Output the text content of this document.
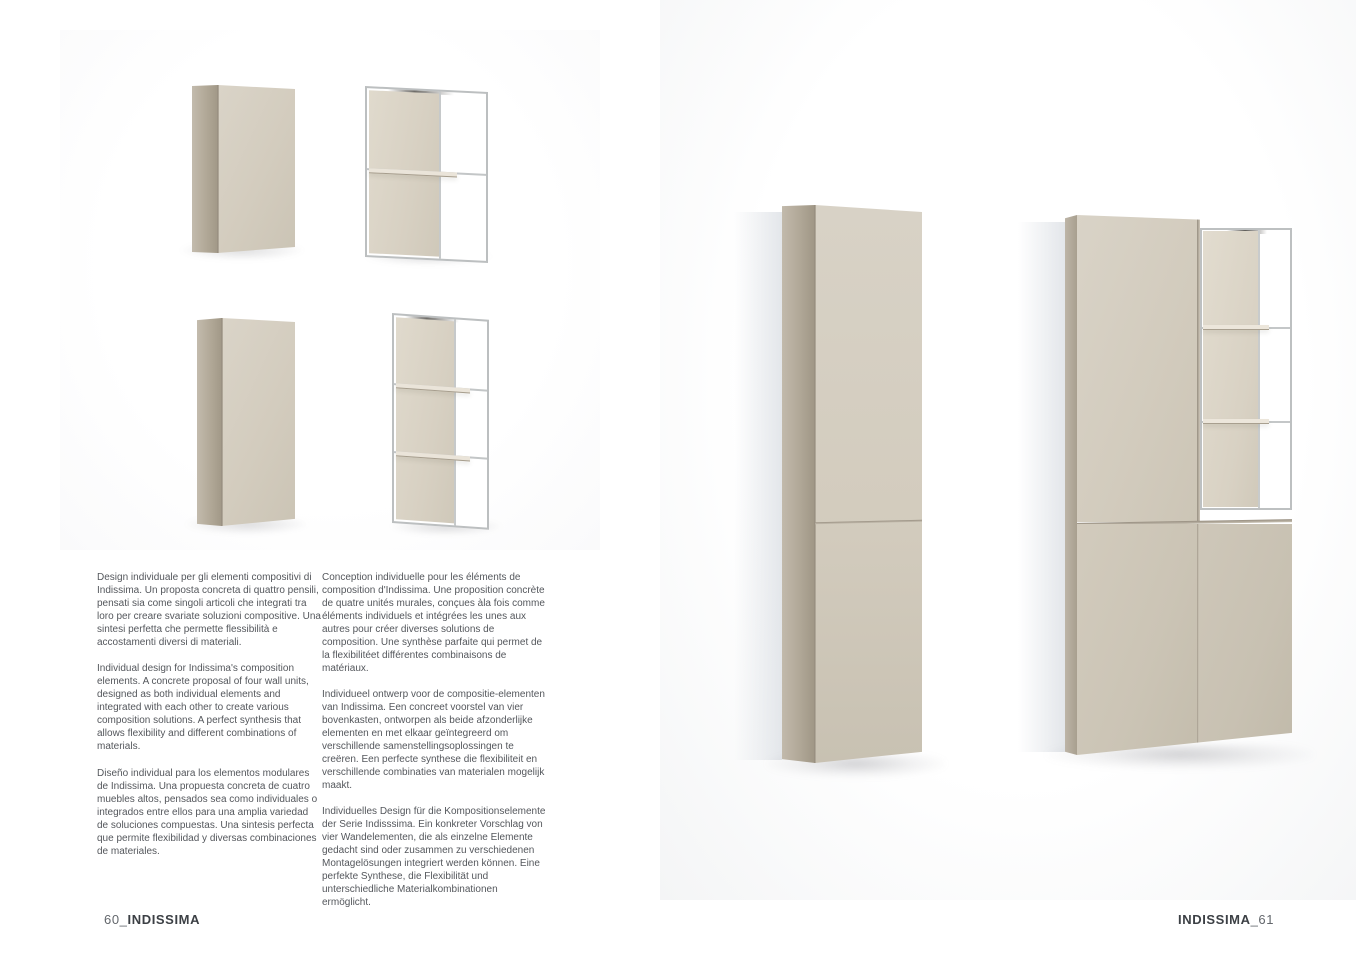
Design individuale per gli elementi compositivi di Indissima. Un proposta concreta di quattro pensili, pensati sia come singoli articoli che integrati tra loro per creare svariate soluzioni compositive. Una sintesi perfetta che permette flessibilità e accostamenti diversi di materiali.

Individual design for Indissima's composition elements. A concrete proposal of four wall units, designed as both individual elements and integrated with each other to create various composition solutions. A perfect synthesis that allows flexibility and different combinations of materials.

Diseño individual para los elementos modulares de Indissima. Una propuesta concreta de cuatro muebles altos, pensados sea como individuales o integrados entre ellos para una amplia variedad de soluciones compuestas. Una sintesis perfecta que permite flexibilidad y diversas combinaciones de materiales.

Conception individuelle pour les éléments de composition d'Indissima. Une proposition concrète de quatre unités murales, conçues àla fois comme éléments individuels et intégrées les unes aux autres pour créer diverses solutions de composition. Une synthèse parfaite qui permet de la flexibilitéet différentes combinaisons de matériaux.

Individueel ontwerp voor de compositie-elementen van Indissima. Een concreet voorstel van vier bovenkasten, ontworpen als beide afzonderlijke elementen en met elkaar geïntegreerd om verschillende samenstellingsoplossingen te creëren. Een perfecte synthese die flexibiliteit en verschillende combinaties van materialen mogelijk maakt.

Individuelles Design für die Kompositionselemente der Serie Indisssima. Ein konkreter Vorschlag von vier Wandelementen, die als einzelne Elemente gedacht sind oder zusammen zu verschiedenen Montagelösungen integriert werden können. Eine perfekte Synthese, die Flexibilität und unterschiedliche Materialkombinationen ermöglicht.

60_INDISSIMA	INDISSIMA_61
